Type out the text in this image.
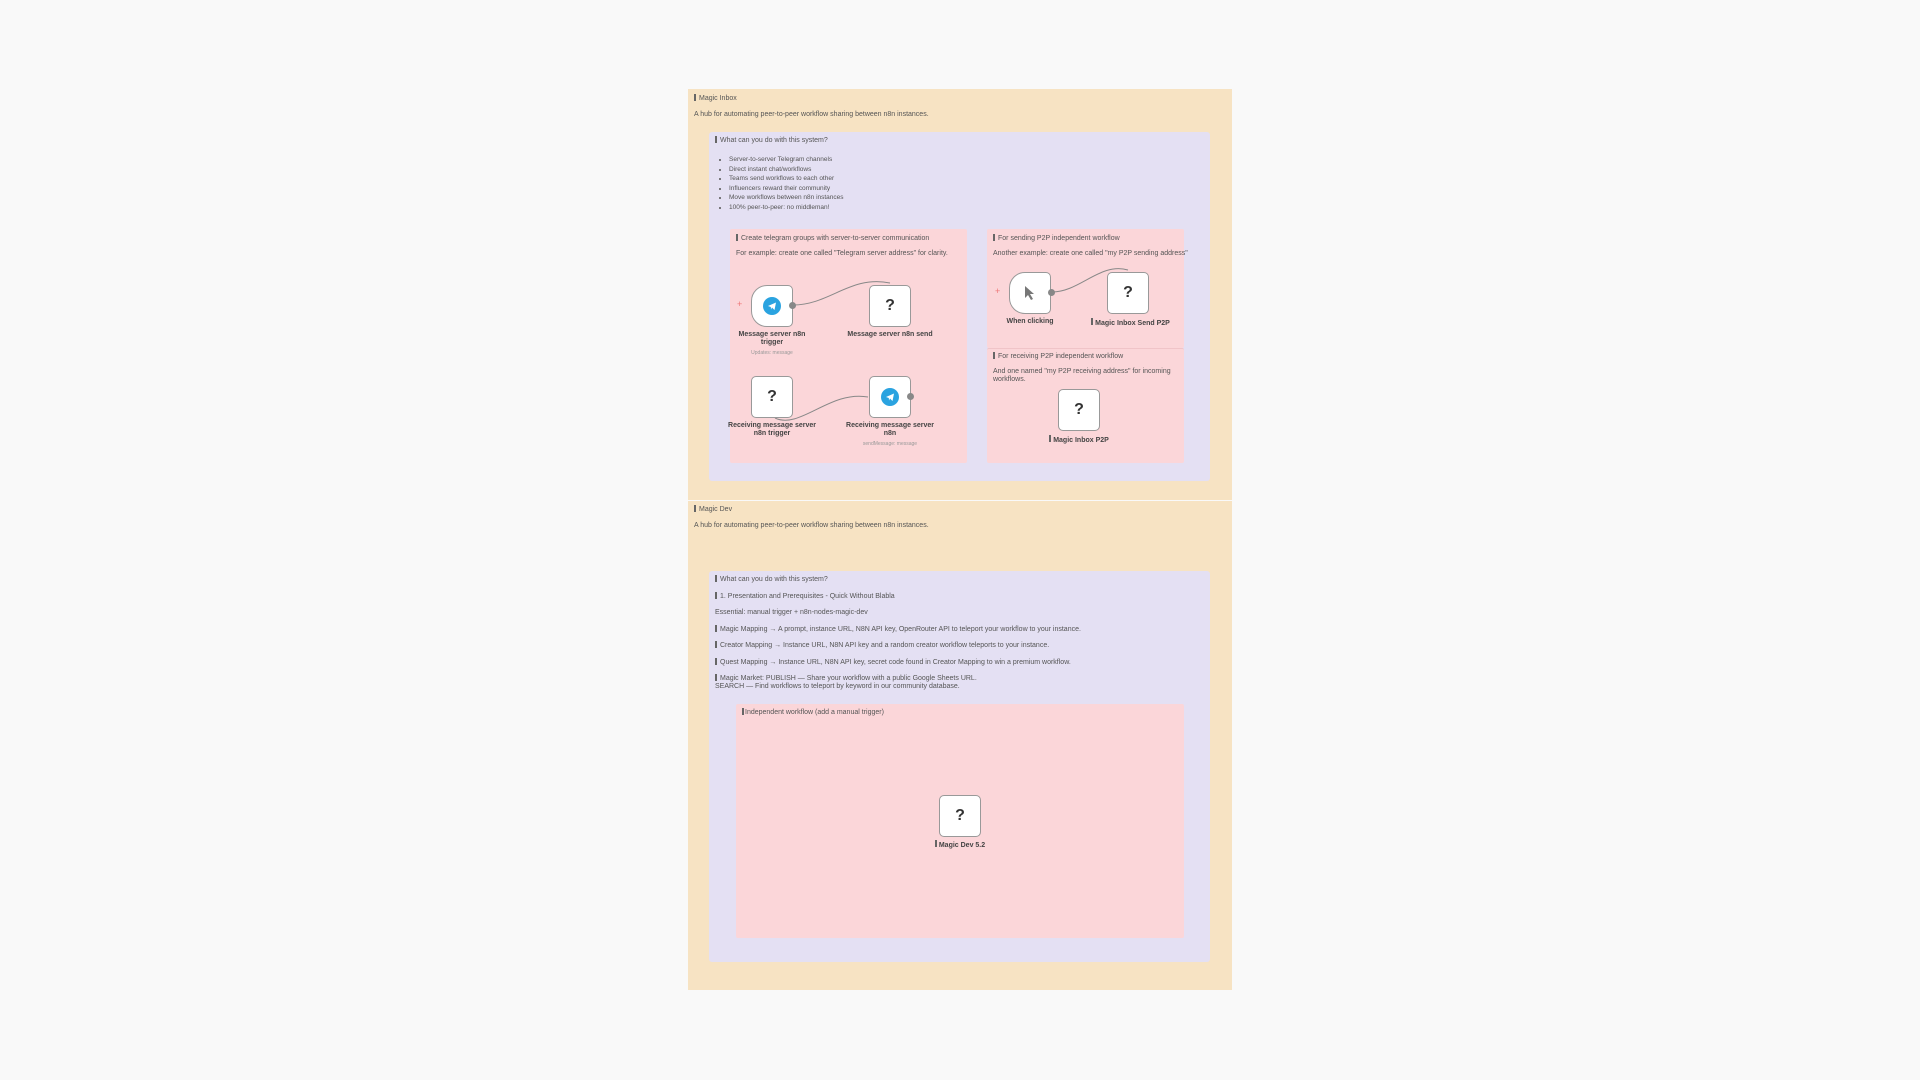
Magic Inbox
A hub for automating peer-to-peer workflow sharing between n8n instances.
What can you do with this system?
• Server-to-server Telegram channels
• Direct instant chat/workflows
• Teams send workflows to each other
• Influencers reward their community
• Move workflows between n8n instances
• 100% peer-to-peer: no middleman!
Create telegram groups with server-to-server communication
For example: create one called "Telegram server address" for clarity.
For sending P2P independent workflow
Another example: create one called "my P2P sending address"
For receiving P2P independent workflow
And one named "my P2P receiving address" for incoming workflows.
+
Message server n8n trigger
Updates: message
?
Message server n8n send
?
Receiving message server n8n trigger
Receiving message server n8n
sendMessage: message
+
When clicking
?
Magic Inbox Send P2P
?
Magic Inbox P2P
Magic Dev
A hub for automating peer-to-peer workflow sharing between n8n instances.
What can you do with this system?
1. Presentation and Prerequisites - Quick Without Blabla
Essential: manual trigger + n8n-nodes-magic-dev
Magic Mapping → A prompt, instance URL, N8N API key, OpenRouter API to teleport your workflow to your instance.
Creator Mapping → Instance URL, N8N API key and a random creator workflow teleports to your instance.
Quest Mapping → Instance URL, N8N API key, secret code found in Creator Mapping to win a premium workflow.
Magic Market: PUBLISH — Share your workflow with a public Google Sheets URL.
SEARCH — Find workflows to teleport by keyword in our community database.
Independent workflow (add a manual trigger)
?
Magic Dev 5.2
